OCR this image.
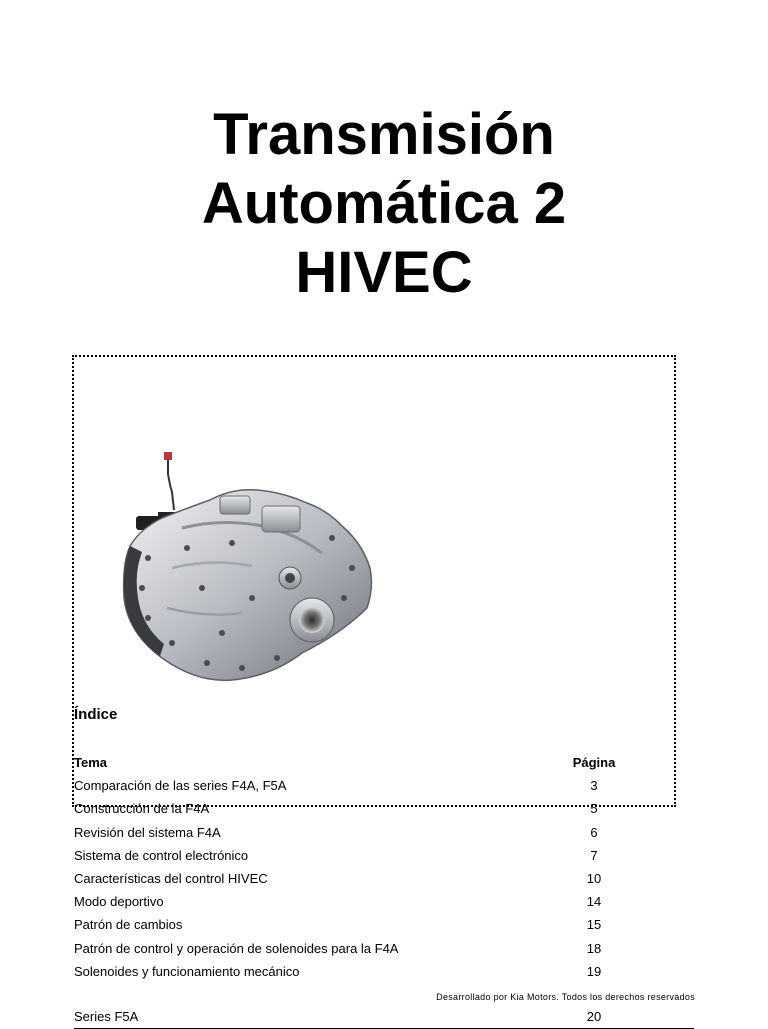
Transmisión
Automática 2
HIVEC
Índice
Tema	Página
Comparación de las series F4A, F5A	3
Construcción de la F4A	5
Revisión del sistema F4A	6
Sistema de control electrónico	7
Características del control HIVEC	10
Modo deportivo	14
Patrón de cambios	15
Patrón de control y operación de solenoides para la F4A	18
Solenoides y funcionamiento mecánico	19
Desarrollado por Kia Motors. Todos los derechos reservados
Series F5A	20
